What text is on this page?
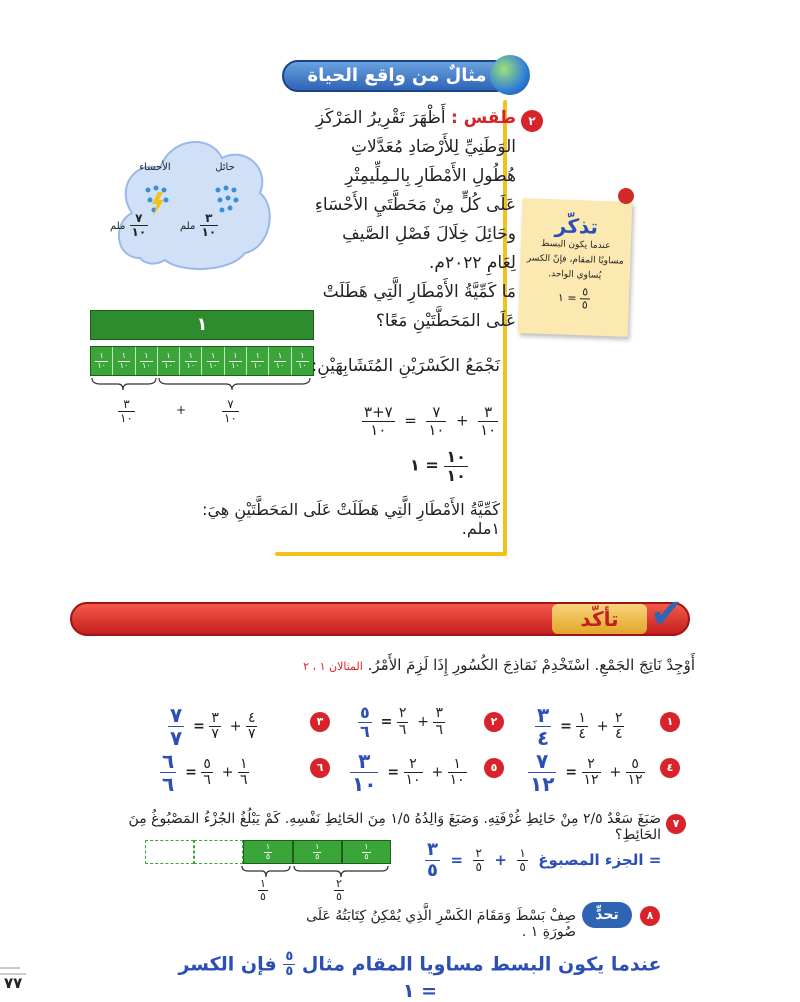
مثالٌ من واقع الحياة
٢
طقس : أَظْهَرَ تَقْرِيرُ المَرْكَزِ
الوَطَنِيِّ لِلأَرْصَادِ مُعَدَّلاتِ
هُطُولِ الأَمْطَارِ بِالـمِلِّيمِتْرِ
عَلَى كُلٍّ مِنْ مَحَطَّتَيِ الأَحْسَاءِ
وحَائِلَ خِلَالَ فَصْلِ الصَّيفِ
لِعَامِ ٢٠٢٢م.
مَا كَمِّيَّةُ الأَمْطَارِ الَّتِي هَطَلَتْ
عَلَى المَحَطَّتَيْنِ مَعًا؟
حائل
الأحساء
$\frac{٣}{١٠}$
ملم
$\frac{٧}{١٠}$
ملم	تذكّر
عندما يكون البسط
مساويًا المقام، فإنّ الكسر
يُساوي الواحد.
١ = $\frac{٥}{٥}$
١
$\frac{١}{١٠} \frac{١}{١٠} \frac{١}{١٠} \frac{١}{١٠} \frac{١}{١٠} \frac{١}{١٠} \frac{١}{١٠} \frac{١}{١٠} \frac{١}{١٠} \frac{١}{١٠}$
$\frac{٣}{١٠}$	+	$\frac{٧}{١٠}$
نَجْمَعُ الكَسْرَيْنِ المُتَشَابِهَيْنِ:
$\frac{٧+٣}{١٠} = \frac{٧}{١٠} + \frac{٣}{١٠}$
١ = $\frac{١٠}{١٠}$
كَمِّيَّةُ الأَمْطَارِ الَّتِي هَطَلَتْ عَلَى المَحَطَّتَيْنِ هِيَ: ١ملم.
تأكّد ✔
أَوْجِدْ نَاتِجَ الجَمْعِ. اسْتَخْدِمْ نَمَاذِجَ الكُسُورِ إِذَا لَزِمَ الأَمْرُ. المثالان ١ ، ٢
١
$\frac{٣}{٤} = \frac{١}{٤} + \frac{٢}{٤}$
٢
$\frac{٥}{٦} = \frac{٢}{٦} + \frac{٣}{٦}$
٣
$\frac{٧}{٧} = \frac{٣}{٧} + \frac{٤}{٧}$
٤
$\frac{٧}{١٢} = \frac{٢}{١٢} + \frac{٥}{١٢}$
٥
$\frac{٣}{١٠} = \frac{٢}{١٠} + \frac{١}{١٠}$
٦
$\frac{٦}{٦} = \frac{٥}{٦} + \frac{١}{٦}$
٧
صَبَغَ سَعْدٌ ٢/٥ مِنْ حَائِطِ غُرْفَتِهِ. وَصَبَغَ وَالِدُهُ ١/٥ مِنَ الحَائِطِ نَفْسِهِ. كَمْ يَبْلُغُ الجُزْءُ المَصْبُوغُ مِنَ الحَائِطِ؟
$\frac{١}{٥}$	$\frac{١}{٥}$	$\frac{١}{٥}$
$\frac{١}{٥}$	$\frac{٢}{٥}$
$\frac{٣}{٥} = \frac{٢}{٥} + \frac{١}{٥}$ الجزء المصبوغ =
٨
تحدٍّ
صِفْ بَسْطَ وَمَقَامَ الكَسْرِ الَّذِي يُمْكِنُ كِتَابَتُهُ عَلَى صُورَةِ ١ .
عندما يكون البسط مساويا المقام مثال
$\frac{٥}{٥}$
فإن الكسر = ١
٧٧
